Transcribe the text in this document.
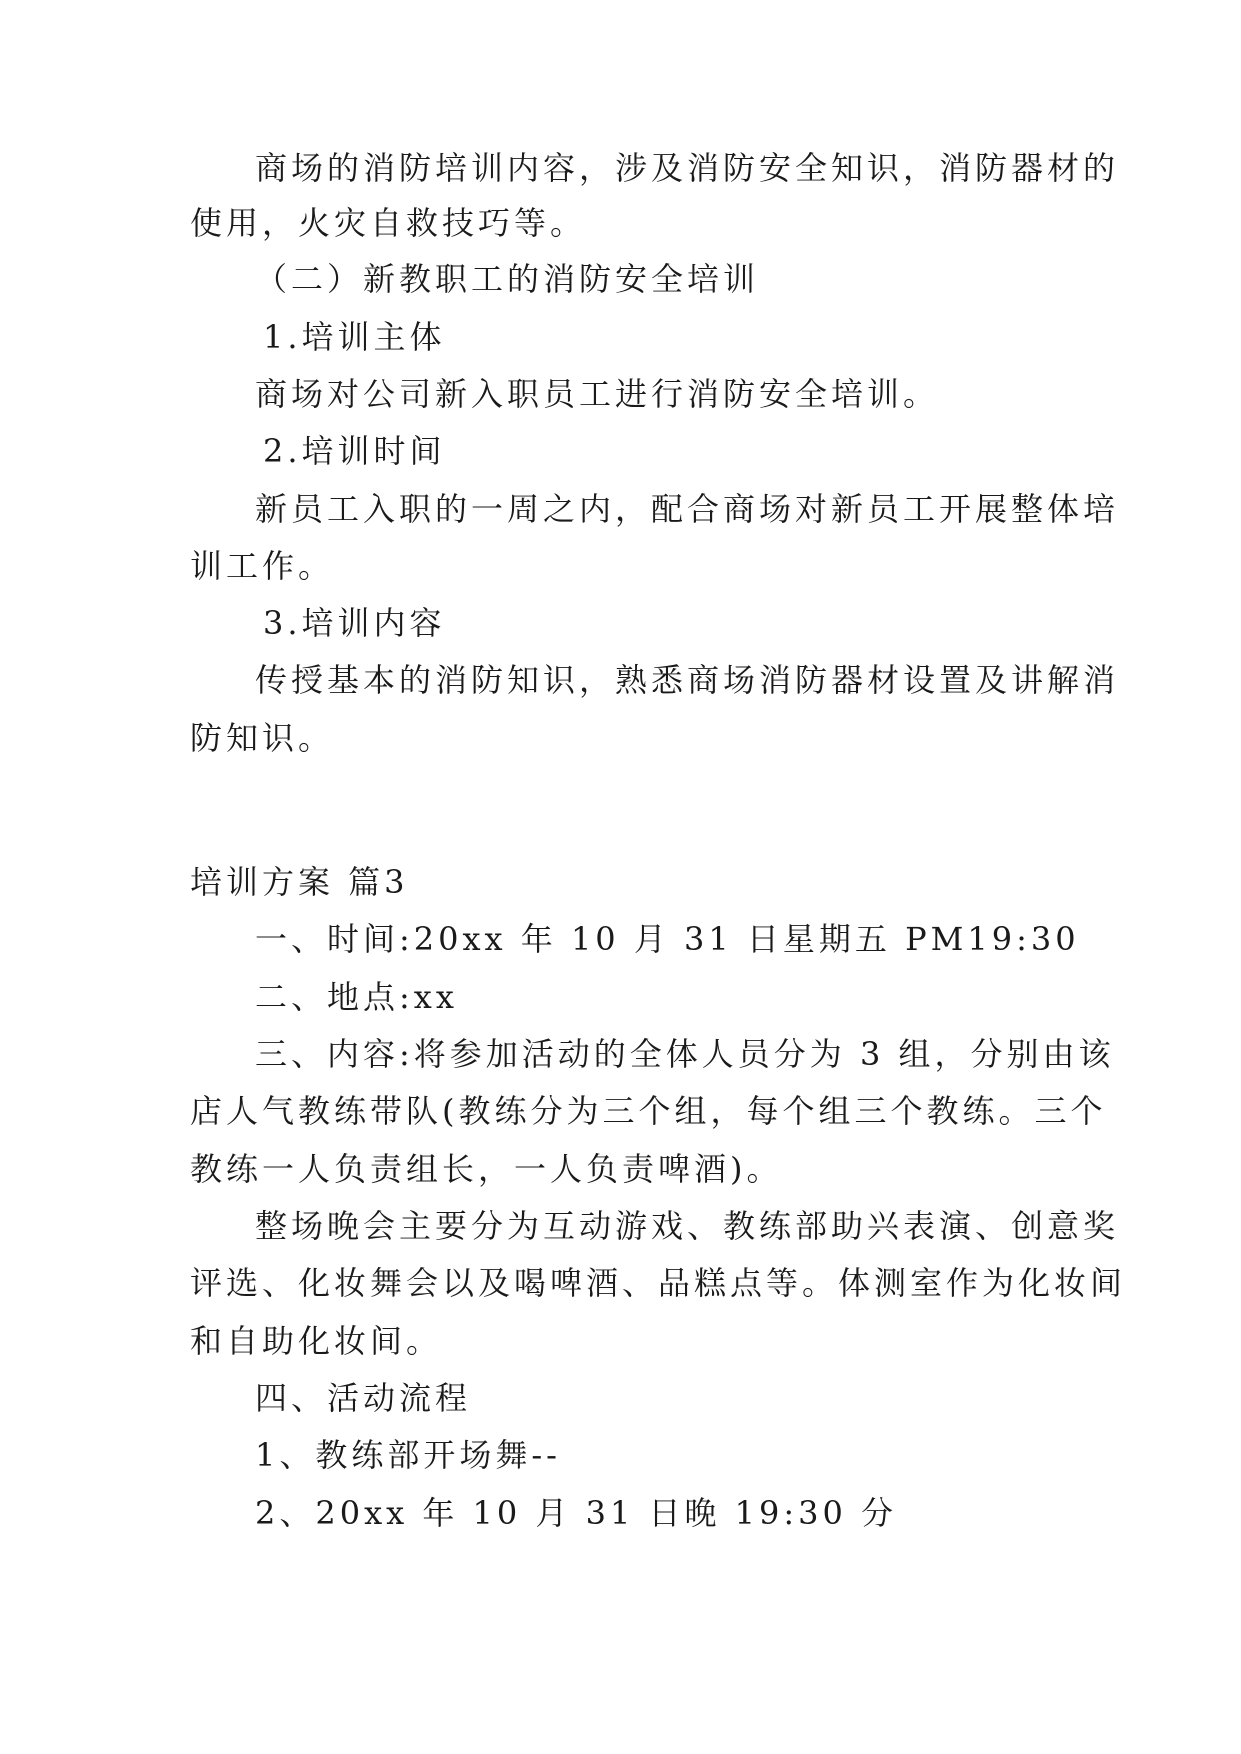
商场的消防培训内容，涉及消防安全知识，消防器材的
使用，火灾自救技巧等。
（二）新教职工的消防安全培训
1.培训主体
商场对公司新入职员工进行消防安全培训。
2.培训时间
新员工入职的一周之内，配合商场对新员工开展整体培
训工作。
3.培训内容
传授基本的消防知识，熟悉商场消防器材设置及讲解消
防知识。
培训方案 篇3
一、时间:20xx 年 10 月 31 日星期五 PM19:30
二、地点:xx
三、内容:将参加活动的全体人员分为 3 组，分别由该
店人气教练带队(教练分为三个组，每个组三个教练。三个
教练一人负责组长，一人负责啤酒)。
整场晚会主要分为互动游戏、教练部助兴表演、创意奖
评选、化妆舞会以及喝啤酒、品糕点等。体测室作为化妆间
和自助化妆间。
四、活动流程
1、教练部开场舞--
2、20xx 年 10 月 31 日晚 19:30 分
